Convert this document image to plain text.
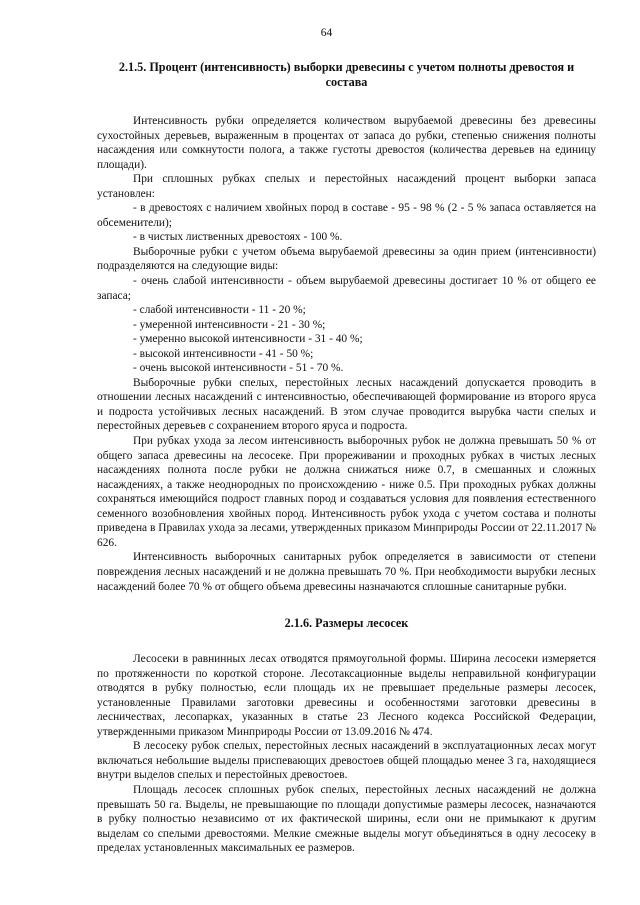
64
2.1.5. Процент (интенсивность) выборки древесины с учетом полноты древостоя и состава

Интенсивность рубки определяется количеством вырубаемой древесины без древесины сухостойных деревьев, выраженным в процентах от запаса до рубки, степенью снижения полноты насаждения или сомкнутости полога, а также густоты древостоя (количества деревьев на единицу площади).

При сплошных рубках спелых и перестойных насаждений процент выборки запаса установлен:

- в древостоях с наличием хвойных пород в составе - 95 - 98 % (2 - 5 % запаса оставляется на обсеменители);

- в чистых лиственных древостоях - 100 %.

Выборочные рубки с учетом объема вырубаемой древесины за один прием (интенсивности) подразделяются на следующие виды:

- очень слабой интенсивности - объем вырубаемой древесины достигает 10 % от общего ее запаса;

- слабой интенсивности - 11 - 20 %;

- умеренной интенсивности - 21 - 30 %;

- умеренно высокой интенсивности - 31 - 40 %;

- высокой интенсивности - 41 - 50 %;

- очень высокой интенсивности - 51 - 70 %.

Выборочные рубки спелых, перестойных лесных насаждений допускается проводить в отношении лесных насаждений с интенсивностью, обеспечивающей формирование из второго яруса и подроста устойчивых лесных насаждений. В этом случае проводится вырубка части спелых и перестойных деревьев с сохранением второго яруса и подроста.

При рубках ухода за лесом интенсивность выборочных рубок не должна превышать 50 % от общего запаса древесины на лесосеке. При прореживании и проходных рубках в чистых лесных насаждениях полнота после рубки не должна снижаться ниже 0.7, в смешанных и сложных насаждениях, а также неоднородных по происхождению - ниже 0.5. При проходных рубках должны сохраняться имеющийся подрост главных пород и создаваться условия для появления естественного семенного возобновления хвойных пород. Интенсивность рубок ухода с учетом состава и полноты приведена в Правилах ухода за лесами, утвержденных приказом Минприроды России от 22.11.2017 № 626.

Интенсивность выборочных санитарных рубок определяется в зависимости от степени повреждения лесных насаждений и не должна превышать 70 %. При необходимости вырубки лесных насаждений более 70 % от общего объема древесины назначаются сплошные санитарные рубки.

2.1.6. Размеры лесосек

Лесосеки в равнинных лесах отводятся прямоугольной формы. Ширина лесосеки измеряется по протяженности по короткой стороне. Лесотаксационные выделы неправильной конфигурации отводятся в рубку полностью, если площадь их не превышает предельные размеры лесосек, установленные Правилами заготовки древесины и особенностями заготовки древесины в лесничествах, лесопарках, указанных в статье 23 Лесного кодекса Российской Федерации, утвержденными приказом Минприроды России от 13.09.2016 № 474.

В лесосеку рубок спелых, перестойных лесных насаждений в эксплуатационных лесах могут включаться небольшие выделы приспевающих древостоев общей площадью менее 3 га, находящиеся внутри выделов спелых и перестойных древостоев.

Площадь лесосек сплошных рубок спелых, перестойных лесных насаждений не должна превышать 50 га. Выделы, не превышающие по площади допустимые размеры лесосек, назначаются в рубку полностью независимо от их фактической ширины, если они не примыкают к другим выделам со спелыми древостоями. Мелкие смежные выделы могут объединяться в одну лесосеку в пределах установленных максимальных ее размеров.
